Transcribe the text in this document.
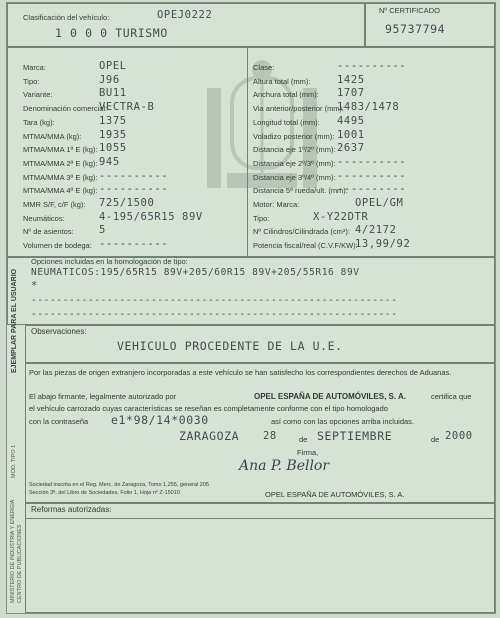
Clasificación del vehículo:	OPEJ0222
1 0 0 0 TURISMO
Nº CERTIFICADO
95737794
Marca:	OPEL
Tipo:	J96
Variante:	BU11
Denominación comercial:
VECTRA-B
Tara (kg):	1375
MTMA/MMA (kg): 1935
MTMA/MMA 1ª E (kg): 1055
MTMA/MMA 2ª E (kg): 945
MTMA/MMA 3ª E (kg): ----------
MTMA/MMA 4ª E (kg): ----------
MMR S/F, c/F (kg): 725/1500
Neumáticos:	4-195/65R15 89V
Nº de asientos: 5
Volumen de bodega: ----------
Clase:	----------
Altura total (mm):	1425
Anchura total (mm): 1707
Via anterior/posterior (mm):
1483/1478
Longitud total (mm): 4495
Voladizo posterior (mm): 1001
Distancia eje 1º/2º (mm): 2637
Distancia eje 2º/3º (mm): ----------
Distancia eje 3º/4º (mm): ----------
Distancia 5ª rueda/ult. (mm):
----------
Motor: Marca:	OPEL/GM
Tipo:	X-Y22DTR
Nº Cilindros/Cilindrada (cm³): 4/2172
Potencia fiscal/real (C.V.F/KW):
13,99/92
Opciones incluidas en la homologación de tipo:
NEUMATICOS:195/65R15 89V+205/60R15 89V+205/55R16 89V
*
----------------------------------------------------------
----------------------------------------------------------
Observaciones:
VEHICULO PROCEDENTE DE LA U.E.
Por las piezas de origen extranjero incorporadas a este vehículo se han satisfecho los correspondientes derechos de Aduanas.
El abajo firmante, legalmente autorizado por	OPEL ESPAÑA DE AUTOMÓVILES, S. A.	certifica que
el vehículo carrozado cuyas características se reseñan es completamente conforme con el tipo homologado
con la contraseña e1*98/14*0030	así como con las opciones arriba incluidas.
ZARAGOZA 28	de SEPTIEMBRE	de 2000
Firma,
Ana P. Bellor
Sociedad inscrita en el Reg. Merc. de Zaragoza, Tomo 1.255, general 205
Sección 3ª, del Libro de Sociedades, Folio 1, Hoja nº Z-15010	OPEL ESPAÑA DE AUTOMÓVILES, S. A.
Reformas autorizadas:
EJEMPLAR PARA EL USUARIO
MINISTERIO DE INDUSTRIA Y ENERGIA CENTRO DE PUBLICACIONES
MOD. TIPO 1
